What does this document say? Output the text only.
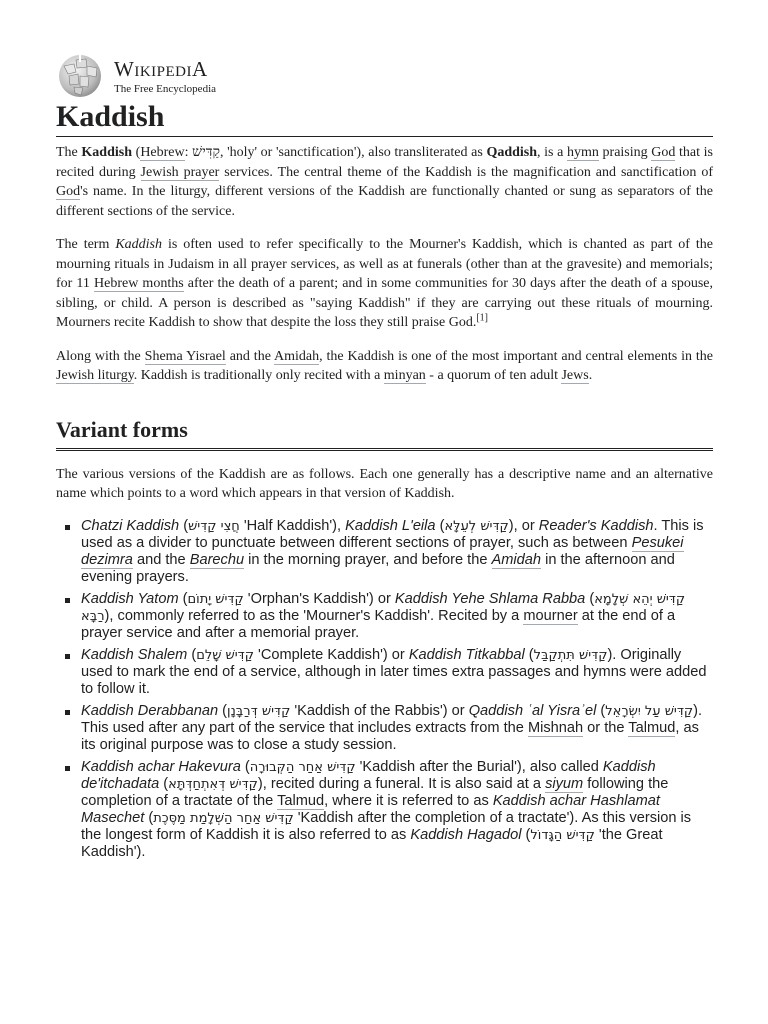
WIKIPEDIA
The Free Encyclopedia
Kaddish

The Kaddish (Hebrew: קַדִּישׁ, 'holy' or 'sanctification'), also transliterated as Qaddish, is a hymn praising God that is recited during Jewish prayer services. The central theme of the Kaddish is the magnification and sanctification of God's name. In the liturgy, different versions of the Kaddish are functionally chanted or sung as separators of the different sections of the service.

The term Kaddish is often used to refer specifically to the Mourner's Kaddish, which is chanted as part of the mourning rituals in Judaism in all prayer services, as well as at funerals (other than at the gravesite) and memorials; for 11 Hebrew months after the death of a parent; and in some communities for 30 days after the death of a spouse, sibling, or child. A person is described as "saying Kaddish" if they are carrying out these rituals of mourning. Mourners recite Kaddish to show that despite the loss they still praise God.[1]

Along with the Shema Yisrael and the Amidah, the Kaddish is one of the most important and central elements in the Jewish liturgy. Kaddish is traditionally only recited with a minyan - a quorum of ten adult Jews.

Variant forms

The various versions of the Kaddish are as follows. Each one generally has a descriptive name and an alternative name which points to a word which appears in that version of Kaddish.

Chatzi Kaddish (חֲצִי קַדִּישׁ 'Half Kaddish'), Kaddish L'eila (קַדִּישׁ לְעֵלָּא), or Reader's Kaddish. This is used as a divider to punctuate between different sections of prayer, such as between Pesukei dezimra and the Barechu in the morning prayer, and before the Amidah in the afternoon and evening prayers.
Kaddish Yatom (קַדִּישׁ יָתוֹם 'Orphan's Kaddish') or Kaddish Yehe Shlama Rabba (קַדִּישׁ יְהֵא שְׁלָמָא רַבָּא), commonly referred to as the 'Mourner's Kaddish'. Recited by a mourner at the end of a prayer service and after a memorial prayer.
Kaddish Shalem (קַדִּישׁ שָׁלֵם 'Complete Kaddish') or Kaddish Titkabbal (קַדִּישׁ תִּתְקַבַּל). Originally used to mark the end of a service, although in later times extra passages and hymns were added to follow it.
Kaddish Derabbanan (קַדִּישׁ דְּרַבָּנָן 'Kaddish of the Rabbis') or Qaddish ʿal Yisraʾel (קַדִּישׁ עַל יִשְׂרָאֵל). This used after any part of the service that includes extracts from the Mishnah or the Talmud, as its original purpose was to close a study session.
Kaddish achar Hakevura (קַדִּישׁ אַחַר הַקְּבוּרָה 'Kaddish after the Burial'), also called Kaddish de'itchadata (קַדִּישׁ דְּאִתְחַדְּתָּא), recited during a funeral. It is also said at a siyum following the completion of a tractate of the Talmud, where it is referred to as Kaddish achar Hashlamat Masechet (קַדִּישׁ אַחַר הַשְׁלָמַת מַסֶּכֶת 'Kaddish after the completion of a tractate'). As this version is the longest form of Kaddish it is also referred to as Kaddish Hagadol (קַדִּישׁ הַגָּדוֹל 'the Great Kaddish').
